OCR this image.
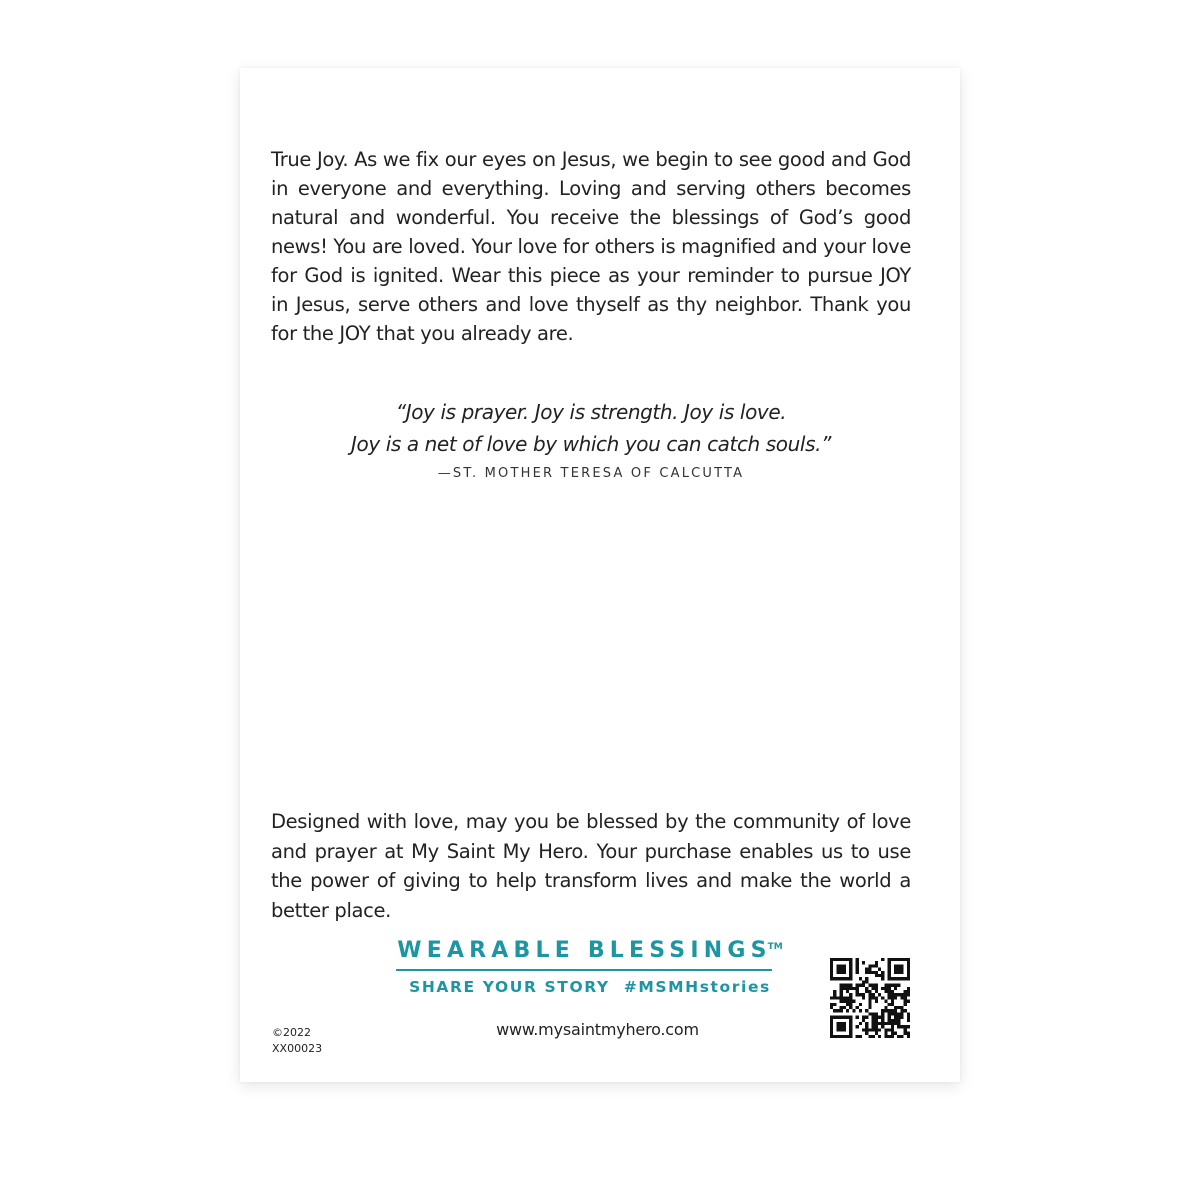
True Joy. As we fix our eyes on Jesus, we begin to see good and God in everyone and everything. Loving and serving others becomes natural and wonderful. You receive the blessings of God’s good news! You are loved. Your love for others is magnified and your love for God is ignited. Wear this piece as your reminder to pursue JOY in Jesus, serve others and love thyself as thy neighbor. Thank you for the JOY that you already are.

“Joy is prayer. Joy is strength. Joy is love.
Joy is a net of love by which you can catch souls.”
—ST. MOTHER TERESA OF CALCUTTA

Designed with love, may you be blessed by the community of love and prayer at My Saint My Hero. Your purchase enables us to use the power of giving to help transform lives and make the world a better place.

WEARABLE BLESSINGS™
SHARE YOUR STORY  #MSMHstories
©2022
XX00023
www.mysaintmyhero.com
